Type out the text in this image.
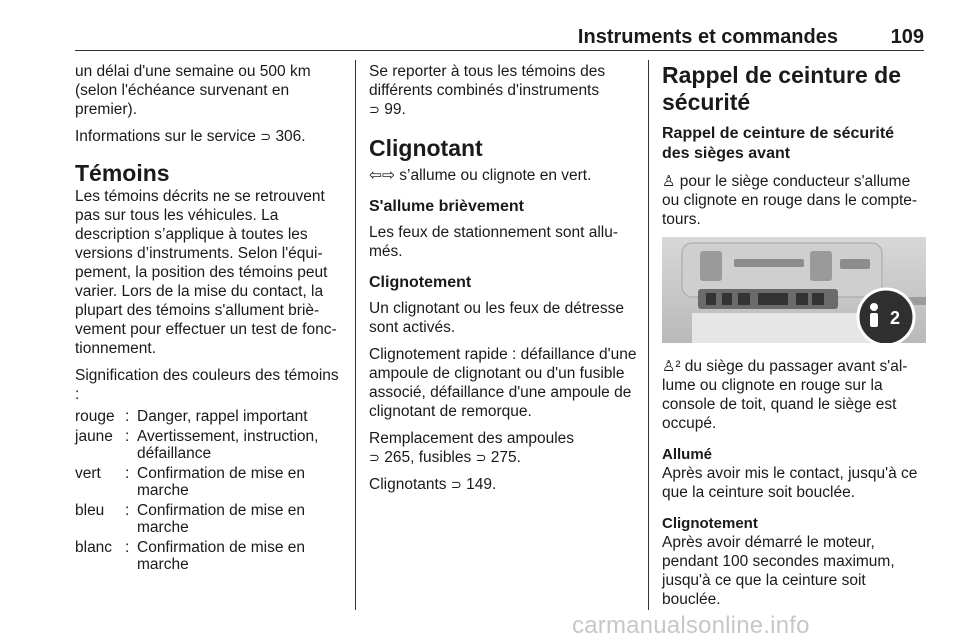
Instruments et commandes	109

un délai d'une semaine ou 500 km (selon l'échéance survenant en premier).

Informations sur le service ⊃ 306.

Témoins

Les témoins décrits ne se retrouvent pas sur tous les véhicules. La description s’applique à toutes les versions d’instruments. Selon l'équi-pement, la position des témoins peut varier. Lors de la mise du contact, la plupart des témoins s'allument briè-vement pour effectuer un test de fonc-tionnement.

Signification des couleurs des témoins :

rouge	:	Danger, rappel important
jaune	:	Avertissement, instruction, défaillance
vert	:	Confirmation de mise en marche
bleu	:	Confirmation de mise en marche
blanc	:	Confirmation de mise en marche

Se reporter à tous les témoins des différents combinés d'instruments ⊃ 99.

Clignotant

⇦⇨ s’allume ou clignote en vert.

S'allume brièvement

Les feux de stationnement sont allu-més.

Clignotement

Un clignotant ou les feux de détresse sont activés.

Clignotement rapide : défaillance d'une ampoule de clignotant ou d'un fusible associé, défaillance d'une ampoule de clignotant de remorque.

Remplacement des ampoules
⊃ 265, fusibles ⊃ 275.

Clignotants ⊃ 149.

Rappel de ceinture de sécurité
Rappel de ceinture de sécurité des sièges avant

♙ pour le siège conducteur s'allume ou clignote en rouge dans le compte-tours.

2

♙² du siège du passager avant s'al-lume ou clignote en rouge sur la console de toit, quand le siège est occupé.

Allumé

Après avoir mis le contact, jusqu'à ce que la ceinture soit bouclée.

Clignotement

Après avoir démarré le moteur, pendant 100 secondes maximum, jusqu'à ce que la ceinture soit bouclée.

carmanualsonline.info
